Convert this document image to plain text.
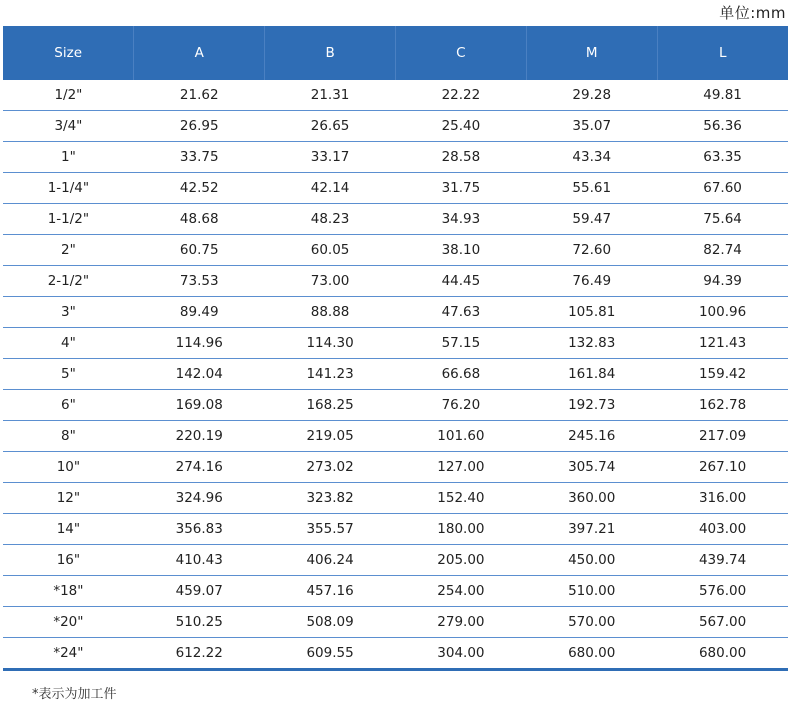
单位:mm
Size	A	B	C	M	L
1/2"	21.62	21.31	22.22	29.28	49.81
3/4"	26.95	26.65	25.40	35.07	56.36
1"	33.75	33.17	28.58	43.34	63.35
1-1/4"	42.52	42.14	31.75	55.61	67.60
1-1/2"	48.68	48.23	34.93	59.47	75.64
2"	60.75	60.05	38.10	72.60	82.74
2-1/2"	73.53	73.00	44.45	76.49	94.39
3"	89.49	88.88	47.63	105.81	100.96
4"	114.96	114.30	57.15	132.83	121.43
5"	142.04	141.23	66.68	161.84	159.42
6"	169.08	168.25	76.20	192.73	162.78
8"	220.19	219.05	101.60	245.16	217.09
10"	274.16	273.02	127.00	305.74	267.10
12"	324.96	323.82	152.40	360.00	316.00
14"	356.83	355.57	180.00	397.21	403.00
16"	410.43	406.24	205.00	450.00	439.74
*18"	459.07	457.16	254.00	510.00	576.00
*20"	510.25	508.09	279.00	570.00	567.00
*24"	612.22	609.55	304.00	680.00	680.00
*表示为加工件
